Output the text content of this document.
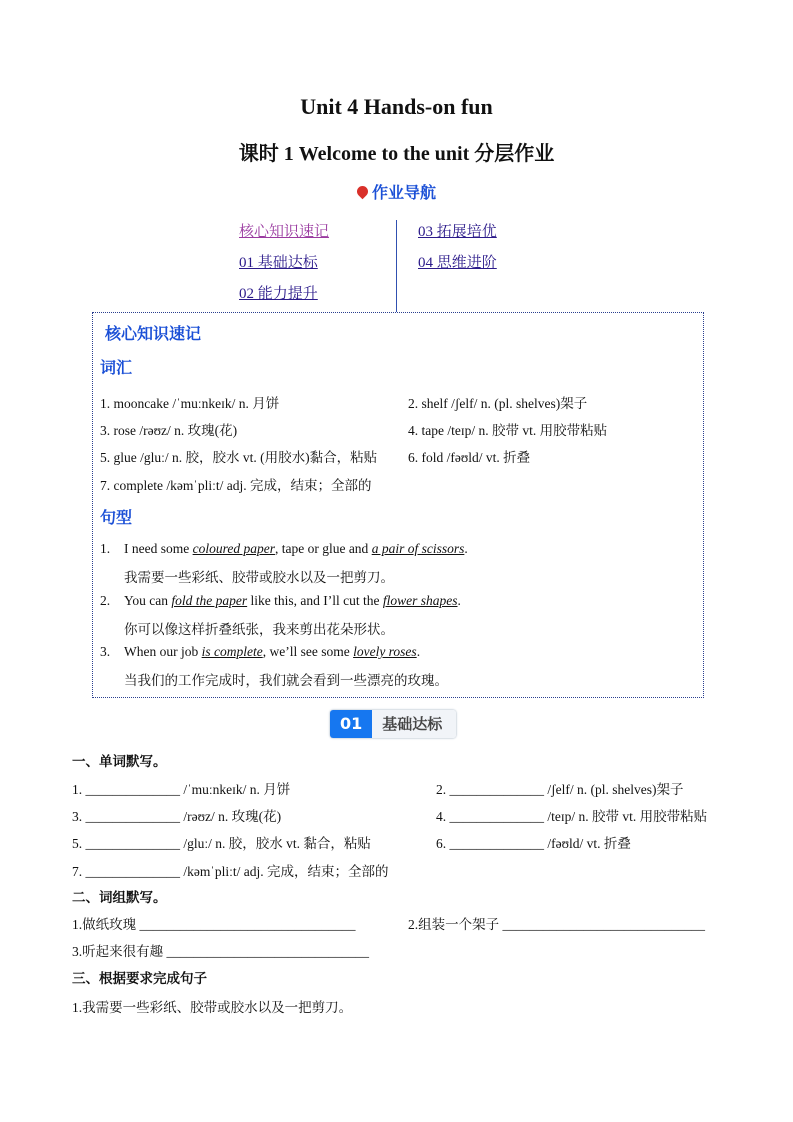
Unit 4 Hands-on fun
课时 1 Welcome to the unit 分层作业
作业导航
核心知识速记
01 基础达标
02 能力提升
03 拓展培优
04 思维进阶
核心知识速记
词汇
1. mooncake /ˈmuːnkeɪk/ n. 月饼	2. shelf /ʃelf/ n. (pl. shelves)架子
3. rose /rəʊz/ n. 玫瑰(花)	4. tape /teɪp/ n. 胶带 vt. 用胶带粘贴
5. glue /gluː/ n. 胶，胶水 vt. (用胶水)黏合，粘贴 6. fold /fəʊld/ vt. 折叠
7. complete /kəmˈpliːt/ adj. 完成，结束；全部的
句型
1. I need some coloured paper, tape or glue and a pair of scissors.
我需要一些彩纸、胶带或胶水以及一把剪刀。
2. You can fold the paper like this, and I’ll cut the flower shapes.
你可以像这样折叠纸张，我来剪出花朵形状。
3. When our job is complete, we’ll see some lovely roses.
当我们的工作完成时，我们就会看到一些漂亮的玫瑰。
01	基础达标
一、单词默写。
1. ______________ /ˈmuːnkeɪk/ n. 月饼	2. ______________ /ʃelf/ n. (pl. shelves)架子
3. ______________ /rəʊz/ n. 玫瑰(花)	4. ______________ /teɪp/ n. 胶带 vt. 用胶带粘贴
5. ______________ /gluː/ n. 胶，胶水 vt. 黏合，粘贴	6. ______________ /fəʊld/ vt. 折叠
7. ______________ /kəmˈpliːt/ adj. 完成，结束；全部的
二、词组默写。
1.做纸玫瑰 ________________________________	2.组装一个架子 ______________________________
3.听起来很有趣 ______________________________
三、根据要求完成句子
1.我需要一些彩纸、胶带或胶水以及一把剪刀。
